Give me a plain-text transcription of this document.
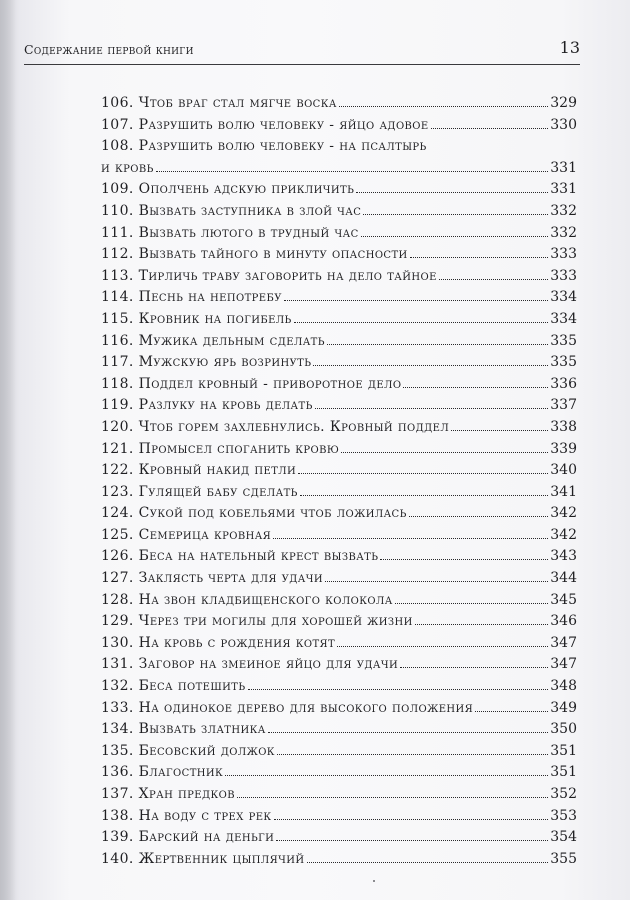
Содержание первой книги	13
106. Чтоб враг стал мягче воска	329
107. Разрушить волю человеку - яйцо адовое	330
108. Разрушить волю человеку - на псалтырь
и кровь	331
109. Ополчень адскую прикличить	331
110. Вызвать заступника в злой час	332
111. Вызвать лютого в трудный час	332
112. Вызвать тайного в минуту опасности	333
113. Тирличь траву заговорить на дело тайное	333
114. Песнь на непотребу	334
115. Кровник на погибель	334
116. Мужика дельным сделать	335
117. Мужскую ярь возринуть	335
118. Поддел кровный - приворотное дело	336
119. Разлуку на кровь делать	337
120. Чтоб горем захлебнулись. Кровный поддел	338
121. Промысел споганить кровю	339
122. Кровный накид петли	340
123. Гулящей бабу сделать	341
124. Сукой под кобельями чтоб ложилась	342
125. Семерица кровная	342
126. Беса на нательный крест вызвать	343
127. Заклясть черта для удачи	344
128. На звон кладбищенского колокола	345
129. Через три могилы для хорошей жизни	346
130. На кровь с рождения котят	347
131. Заговор на змеиное яйцо для удачи	347
132. Беса потешить	348
133. На одинокое дерево для высокого положения	349
134. Вызвать златника	350
135. Бесовский должок	351
136. Благостник	351
137. Хран предков	352
138. На воду с трех рек	353
139. Барский на деньги	354
140. Жертвенник цыплячий	355
